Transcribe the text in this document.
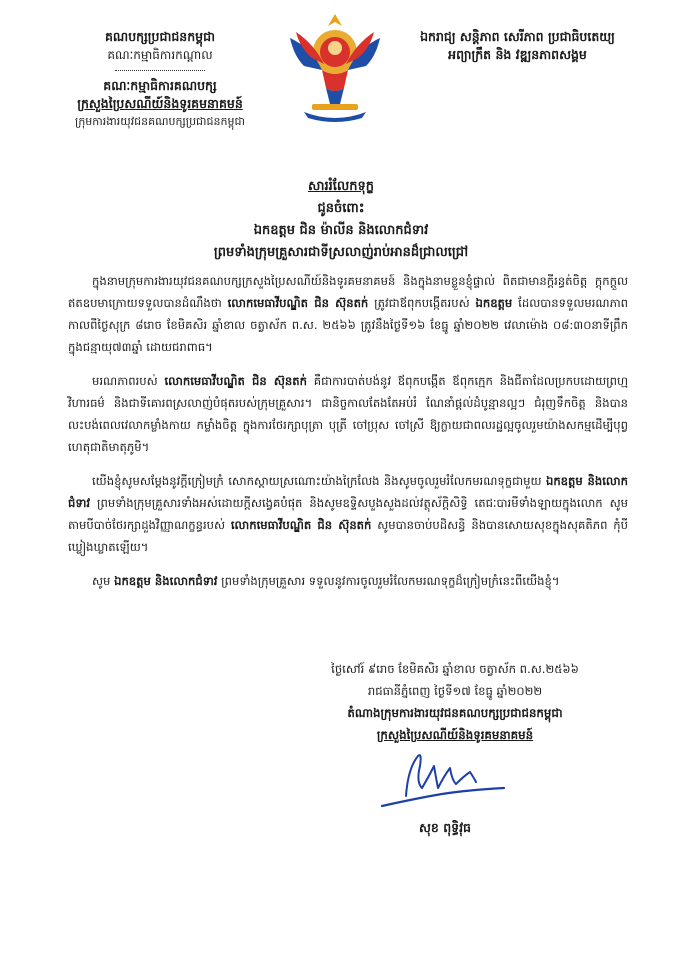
គណបក្សប្រជាជនកម្ពុជា
គណៈកម្មាធិការកណ្តាល
គណៈកម្មាធិការគណបក្ស
ក្រសួងប្រៃសណីយ៍និងទូរគមនាគមន៍
ក្រុមការងារយុវជនគណបក្សប្រជាជនកម្ពុជា
ឯករាជ្យ សន្តិភាព សេរីភាព ប្រជាធិបតេយ្យ
អព្យាក្រឹត និង វឌ្ឍនភាពសង្គម
សាររំលែកទុក្ខ
ជូនចំពោះ
ឯកឧត្តម ជិន ម៉ាលីន និងលោកជំទាវ
ព្រមទាំងក្រុមគ្រួសារជាទីស្រលាញ់រាប់អានដ៏ជ្រាលជ្រៅ

ក្នុងនាមក្រុមការងារយុវជនគណបក្សក្រសួងប្រៃសណីយ៍និងទូរគមនាគមន៍ និងក្នុងនាមខ្លួនខ្ញុំផ្ទាល់ ពិតជាមានក្តីរន្ធត់ចិត្ត ក្តុកក្តួលឥតឧបមាក្រោយទទួលបានដំណឹងថា លោកមេធាវីបណ្ឌិត ជិន ស៊ុនតក់ ត្រូវជាឪពុកបង្កើតរបស់ ឯកឧត្តម ដែលបានទទួលមរណភាពកាលពីថ្ងៃសុក្រ ៨រោច ខែមិគសិរ ឆ្នាំខាល ចត្វាស័ក ព.ស. ២៥៦៦ ត្រូវនឹងថ្ងៃទី១៦ ខែធ្នូ ឆ្នាំ២០២២ វេលាម៉ោង ០៨:៣០នាទីព្រឹក ក្នុងជន្មាយុ៧៣ឆ្នាំ ដោយជរាពាធ។

មរណភាពរបស់ លោកមេធាវីបណ្ឌិត ជិន ស៊ុនតក់ គឺជាការបាត់បង់នូវ ឪពុកបង្កើត ឪពុកក្មេក និងជីតាដែលប្រកបដោយព្រហ្មវិហារធម៌ និងជាទីគោរពស្រលាញ់បំផុតរបស់ក្រុមគ្រួសារ។ ជានិច្ចកាលតែងតែអប់រំ ណែនាំផ្តល់ដំបូន្មានល្អៗ ជំរុញទឹកចិត្ត និងបានលះបង់ពេលវេលាកម្លាំងកាយ កម្លាំងចិត្ត ក្នុងការថែរក្សាបុត្រា បុត្រី ចៅប្រុស ចៅស្រី ឱ្យក្លាយជាពលរដ្ឋល្អចូលរួមយ៉ាងសកម្មដើម្បីបុព្វហេតុជាតិមាតុភូមិ។

យើងខ្ញុំសូមសម្តែងនូវក្តីក្រៀមក្រំ សោកស្តាយស្រណោះយ៉ាងក្រៃលែង និងសូមចូលរួមរំលែកមរណទុក្ខជាមួយ ឯកឧត្តម និងលោកជំទាវ ព្រមទាំងក្រុមគ្រួសារទាំងអស់ដោយក្តីសង្វេគបំផុត និងសូមឧទ្ទិសបួងសួងដល់វត្ថុស័ក្តិសិទ្ធិ តេជៈបារមីទាំងឡាយក្នុងលោក សូមតាមបីបាច់ថែរក្សាដួងវិញ្ញាណក្ខន្ធរបស់ លោកមេធាវីបណ្ឌិត ជិន ស៊ុនតក់ សូមបានចាប់បដិសន្ធិ និងបានសោយសុខក្នុងសុគតិភព កុំបីឃ្លៀងឃ្លាតឡើយ។

សូម ឯកឧត្តម និងលោកជំទាវ ព្រមទាំងក្រុមគ្រួសារ ទទួលនូវការចូលរួមរំលែកមរណទុក្ខដ៏ក្រៀមក្រំនេះពីយើងខ្ញុំ។

ថ្ងៃសៅរ៍ ៩រោច ខែមិគសិរ ឆ្នាំខាល ចត្វាស័ក ព.ស.២៥៦៦
រាជធានីភ្នំពេញ ថ្ងៃទី១៧ ខែធ្នូ ឆ្នាំ២០២២
តំណាងក្រុមការងារយុវជនគណបក្សប្រជាជនកម្ពុជា
ក្រសួងប្រៃសណីយ៍និងទូរគមនាគមន៍
សុខ ពុទ្ធិវុធ
